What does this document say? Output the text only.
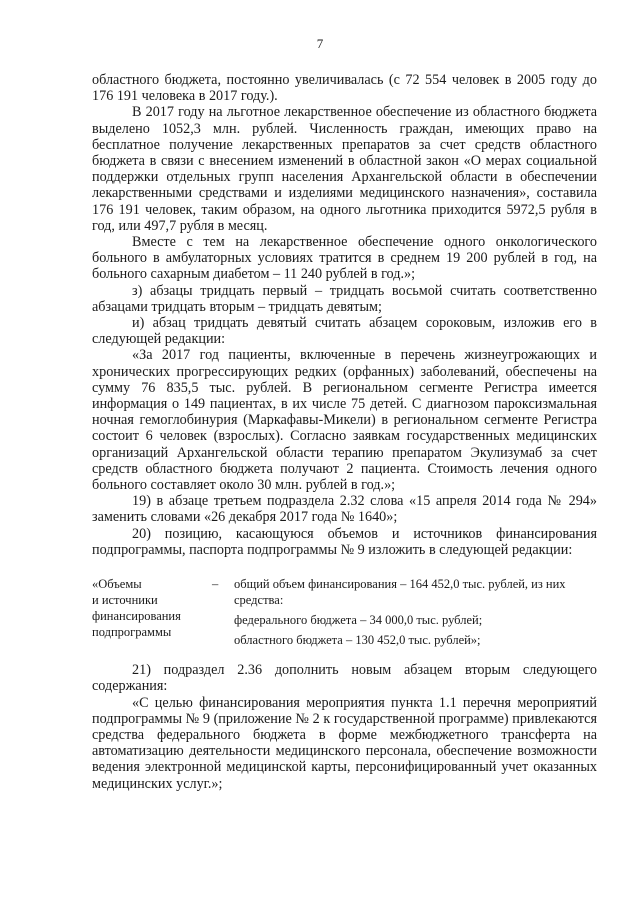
7

областного бюджета, постоянно увеличивалась (с 72 554 человек в 2005 году до 176 191 человека в 2017 году.).

В 2017 году на льготное лекарственное обеспечение из областного бюджета выделено 1052,3 млн. рублей. Численность граждан, имеющих право на бесплатное получение лекарственных препаратов за счет средств областного бюджета в связи с внесением изменений в областной закон «О мерах социальной поддержки отдельных групп населения Архангельской области в обеспечении лекарственными средствами и изделиями медицинского назначения», составила 176 191 человек, таким образом, на одного льготника приходится 5972,5 рубля в год, или 497,7 рубля в месяц.

Вместе с тем на лекарственное обеспечение одного онкологического больного в амбулаторных условиях тратится в среднем 19 200 рублей в год, на больного сахарным диабетом – 11 240 рублей в год.»;

з) абзацы тридцать первый – тридцать восьмой считать соответственно абзацами тридцать вторым – тридцать девятым;

и) абзац тридцать девятый считать абзацем сороковым, изложив его в следующей редакции:

«За 2017 год пациенты, включенные в перечень жизнеугрожающих и хронических прогрессирующих редких (орфанных) заболеваний, обеспечены на сумму 76 835,5 тыс. рублей. В региональном сегменте Регистра имеется информация о 149 пациентах, в их числе 75 детей. С диагнозом пароксизмальная ночная гемоглобинурия (Маркафавы-Микели) в региональном сегменте Регистра состоит 6 человек (взрослых). Согласно заявкам государственных медицинских организаций Архангельской области терапию препаратом Экулизумаб за счет средств областного бюджета получают 2 пациента. Стоимость лечения одного больного составляет около 30 млн. рублей в год.»;

19) в абзаце третьем подраздела 2.32 слова «15 апреля 2014 года № 294» заменить словами «26 декабря 2017 года № 1640»;

20) позицию, касающуюся объемов и источников финансирования подпрограммы, паспорта подпрограммы № 9 изложить в следующей редакции:

«Объемы
и источники
финансирования
подпрограммы
–	общий объем финансирования – 164 452,0 тыс. рублей, из них средства:
федерального бюджета – 34 000,0 тыс. рублей;
областного бюджета – 130 452,0 тыс. рублей»;

21) подраздел 2.36 дополнить новым абзацем вторым следующего содержания:

«С целью финансирования мероприятия пункта 1.1 перечня мероприятий подпрограммы № 9 (приложение № 2 к государственной программе) привлекаются средства федерального бюджета в форме межбюджетного трансферта на автоматизацию деятельности медицинского персонала, обеспечение возможности ведения электронной медицинской карты, персонифицированный учет оказанных медицинских услуг.»;
